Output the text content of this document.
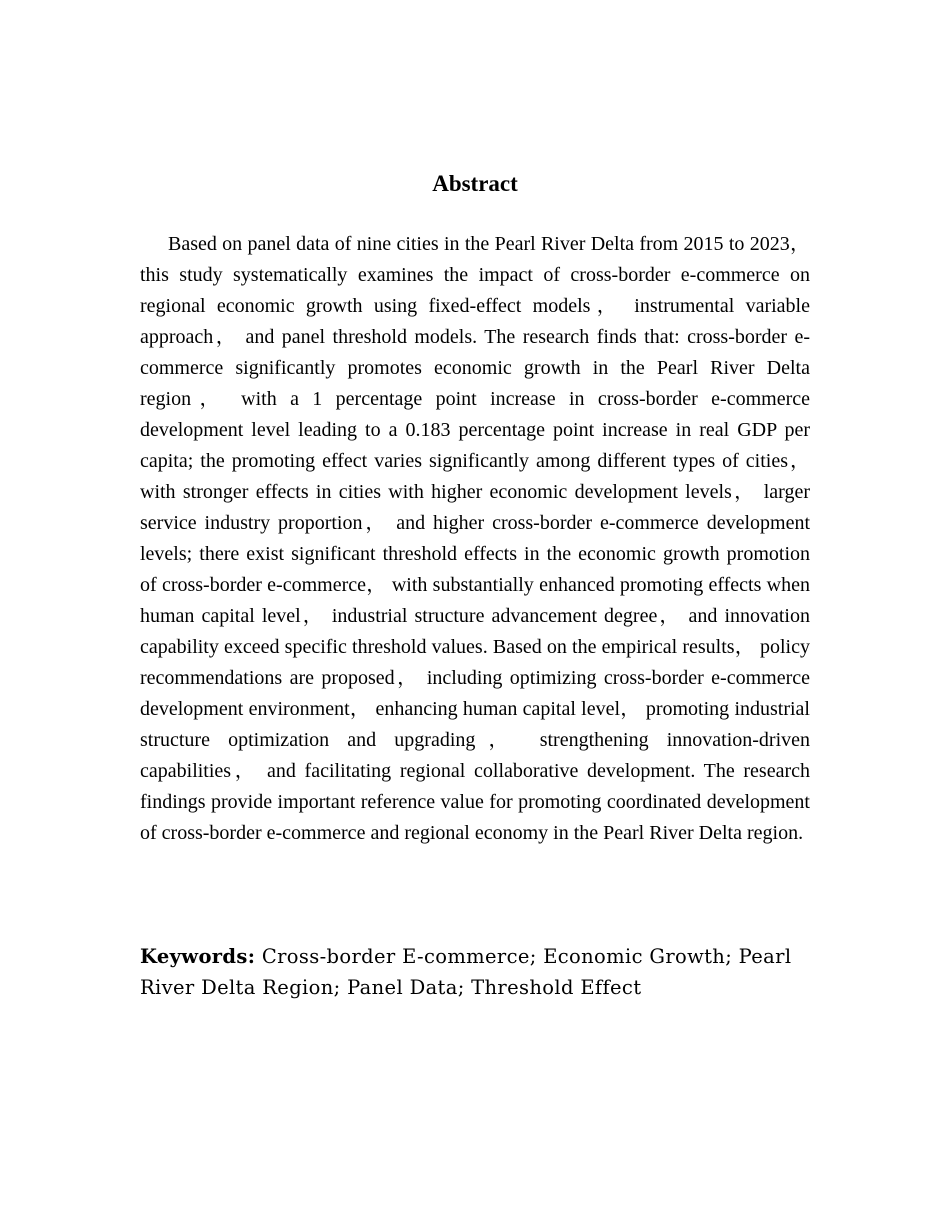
Abstract

Based on panel data of nine cities in the Pearl River Delta from 2015 to 2023， this study systematically examines the impact of cross-border e-commerce on regional economic growth using fixed-effect models， instrumental variable approach， and panel threshold models. The research finds that: cross-border e-commerce significantly promotes economic growth in the Pearl River Delta region， with a 1 percentage point increase in cross-border e-commerce development level leading to a 0.183 percentage point increase in real GDP per capita; the promoting effect varies significantly among different types of cities， with stronger effects in cities with higher economic development levels， larger service industry proportion， and higher cross-border e-commerce development levels; there exist significant threshold effects in the economic growth promotion of cross-border e-commerce， with substantially enhanced promoting effects when human capital level， industrial structure advancement degree， and innovation capability exceed specific threshold values. Based on the empirical results， policy recommendations are proposed， including optimizing cross-border e-commerce development environment， enhancing human capital level， promoting industrial structure optimization and upgrading， strengthening innovation-driven capabilities， and facilitating regional collaborative development. The research findings provide important reference value for promoting coordinated development of cross-border e-commerce and regional economy in the Pearl River Delta region.

Keywords: Cross-border E-commerce; Economic Growth; Pearl River Delta Region; Panel Data; Threshold Effect
